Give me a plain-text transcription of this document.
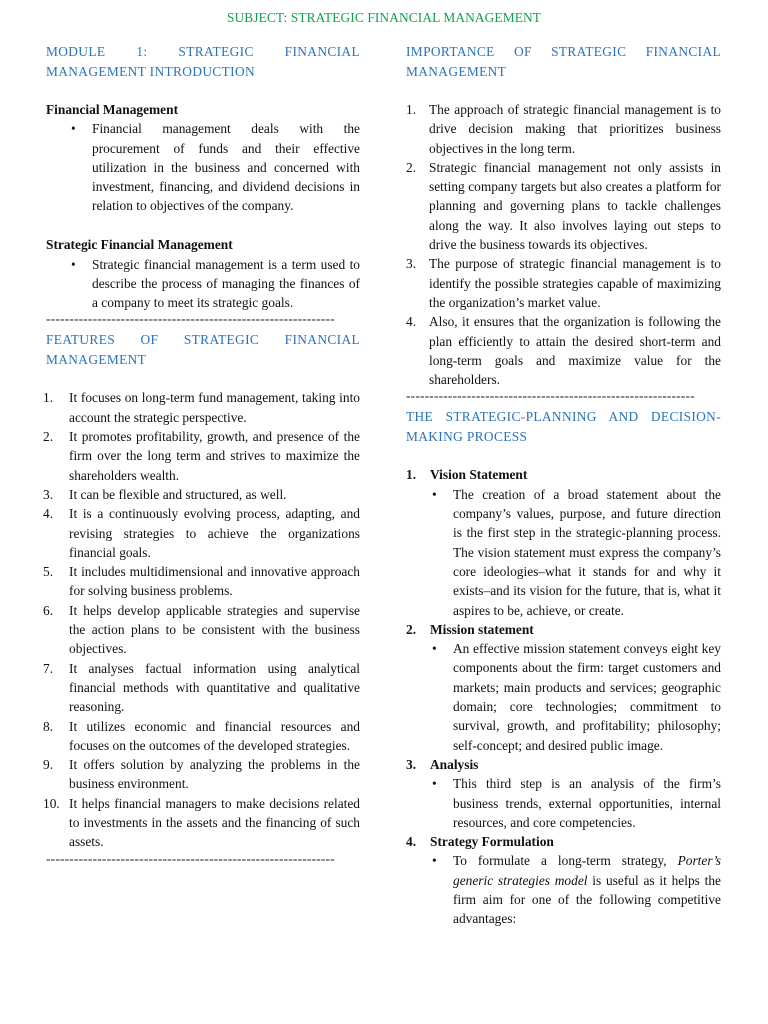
SUBJECT: STRATEGIC FINANCIAL MANAGEMENT

MODULE 1: STRATEGIC FINANCIAL MANAGEMENT INTRODUCTION

Financial Management

• Financial management deals with the procurement of funds and their effective utilization in the business and concerned with investment, financing, and dividend decisions in relation to objectives of the company.

Strategic Financial Management

• Strategic financial management is a term used to describe the process of managing the finances of a company to meet its strategic goals.
--------------------------------------------------------------

FEATURES OF STRATEGIC FINANCIAL MANAGEMENT

1.	It focuses on long-term fund management, taking into account the strategic perspective.
2.	It promotes profitability, growth, and presence of the firm over the long term and strives to maximize the shareholders wealth.
3.	It can be flexible and structured, as well.
4.	It is a continuously evolving process, adapting, and revising strategies to achieve the organizations financial goals.
5.	It includes multidimensional and innovative approach for solving business problems.
6.	It helps develop applicable strategies and supervise the action plans to be consistent with the business objectives.
7.	It analyses factual information using analytical financial methods with quantitative and qualitative reasoning.
8.	It utilizes economic and financial resources and focuses on the outcomes of the developed strategies.
9.	It offers solution by analyzing the problems in the business environment.
10. It helps financial managers to make decisions related to investments in the assets and the financing of such assets.
--------------------------------------------------------------

IMPORTANCE OF STRATEGIC FINANCIAL MANAGEMENT

1. The approach of strategic financial management is to drive decision making that prioritizes business objectives in the long term.
2. Strategic financial management not only assists in setting company targets but also creates a platform for planning and governing plans to tackle challenges along the way. It also involves laying out steps to drive the business towards its objectives.
3. The purpose of strategic financial management is to identify the possible strategies capable of maximizing the organization’s market value.
4. Also, it ensures that the organization is following the plan efficiently to attain the desired short-term and long-term goals and maximize value for the shareholders.
--------------------------------------------------------------

THE STRATEGIC-PLANNING AND DECISION-MAKING PROCESS

1. Vision Statement
• The creation of a broad statement about the company’s values, purpose, and future direction is the first step in the strategic-planning process. The vision statement must express the company’s core ideologies–what it stands for and why it exists–and its vision for the future, that is, what it aspires to be, achieve, or create.
2. Mission statement
• An effective mission statement conveys eight key components about the firm: target customers and markets; main products and services; geographic domain; core technologies; commitment to survival, growth, and profitability; philosophy; self-concept; and desired public image.
3. Analysis
• This third step is an analysis of the firm’s business trends, external opportunities, internal resources, and core competencies.
4. Strategy Formulation
• To formulate a long-term strategy, Porter’s generic strategies model is useful as it helps the firm aim for one of the following competitive advantages:
